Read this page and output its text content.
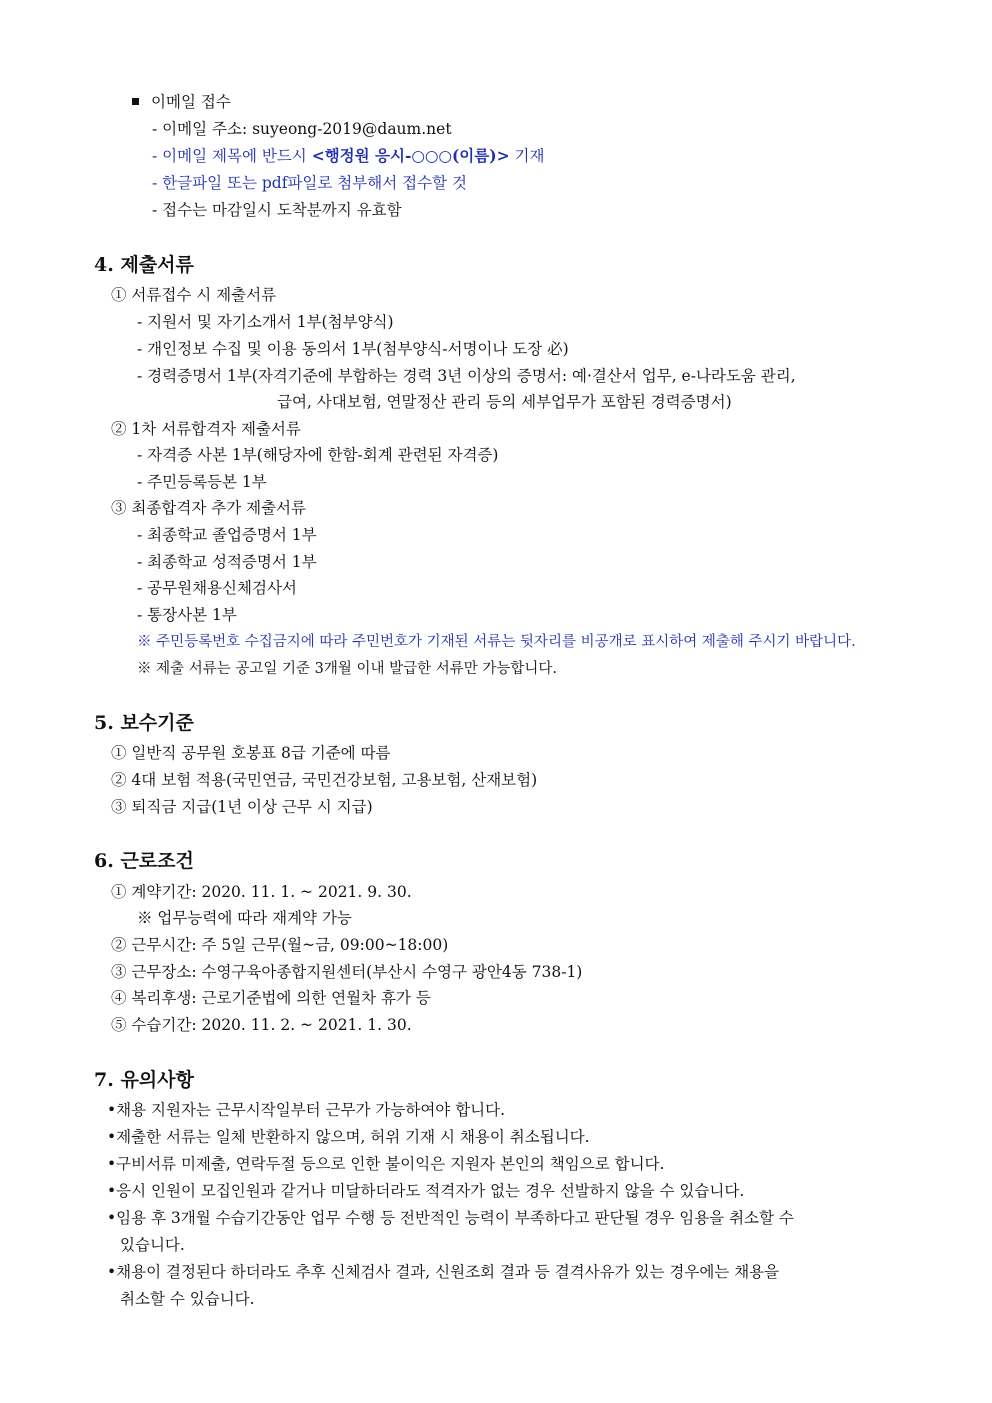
이메일 접수
- 이메일 주소: suyeong-2019@daum.net
- 이메일 제목에 반드시 <행정원 응시-○○○(이름)> 기재
- 한글파일 또는 pdf파일로 첨부해서 접수할 것
- 접수는 마감일시 도착분까지 유효함
4. 제출서류
① 서류접수 시 제출서류
- 지원서 및 자기소개서 1부(첨부양식)
- 개인정보 수집 및 이용 동의서 1부(첨부양식-서명이나 도장 必)
- 경력증명서 1부(자격기준에 부합하는 경력 3년 이상의 증명서: 예·결산서 업무, e-나라도움 관리,
급여, 사대보험, 연말정산 관리 등의 세부업무가 포함된 경력증명서)
② 1차 서류합격자 제출서류
- 자격증 사본 1부(해당자에 한함-회계 관련된 자격증)
- 주민등록등본 1부
③ 최종합격자 추가 제출서류
- 최종학교 졸업증명서 1부
- 최종학교 성적증명서 1부
- 공무원채용신체검사서
- 통장사본 1부
※ 주민등록번호 수집금지에 따라 주민번호가 기재된 서류는 뒷자리를 비공개로 표시하여 제출해 주시기 바랍니다.
※ 제출 서류는 공고일 기준 3개월 이내 발급한 서류만 가능합니다.
5. 보수기준
① 일반직 공무원 호봉표 8급 기준에 따름
② 4대 보험 적용(국민연금, 국민건강보험, 고용보험, 산재보험)
③ 퇴직금 지급(1년 이상 근무 시 지급)
6. 근로조건
① 계약기간: 2020. 11. 1. ~ 2021. 9. 30.
※ 업무능력에 따라 재계약 가능
② 근무시간: 주 5일 근무(월~금, 09:00~18:00)
③ 근무장소: 수영구육아종합지원센터(부산시 수영구 광안4동 738-1)
④ 복리후생: 근로기준법에 의한 연월차 휴가 등
⑤ 수습기간: 2020. 11. 2. ~ 2021. 1. 30.
7. 유의사항
•채용 지원자는 근무시작일부터 근무가 가능하여야 합니다.
•제출한 서류는 일체 반환하지 않으며, 허위 기재 시 채용이 취소됩니다.
•구비서류 미제출, 연락두절 등으로 인한 불이익은 지원자 본인의 책임으로 합니다.
•응시 인원이 모집인원과 같거나 미달하더라도 적격자가 없는 경우 선발하지 않을 수 있습니다.
•임용 후 3개월 수습기간동안 업무 수행 등 전반적인 능력이 부족하다고 판단될 경우 임용을 취소할 수
있습니다.
•채용이 결정된다 하더라도 추후 신체검사 결과, 신원조회 결과 등 결격사유가 있는 경우에는 채용을
취소할 수 있습니다.
